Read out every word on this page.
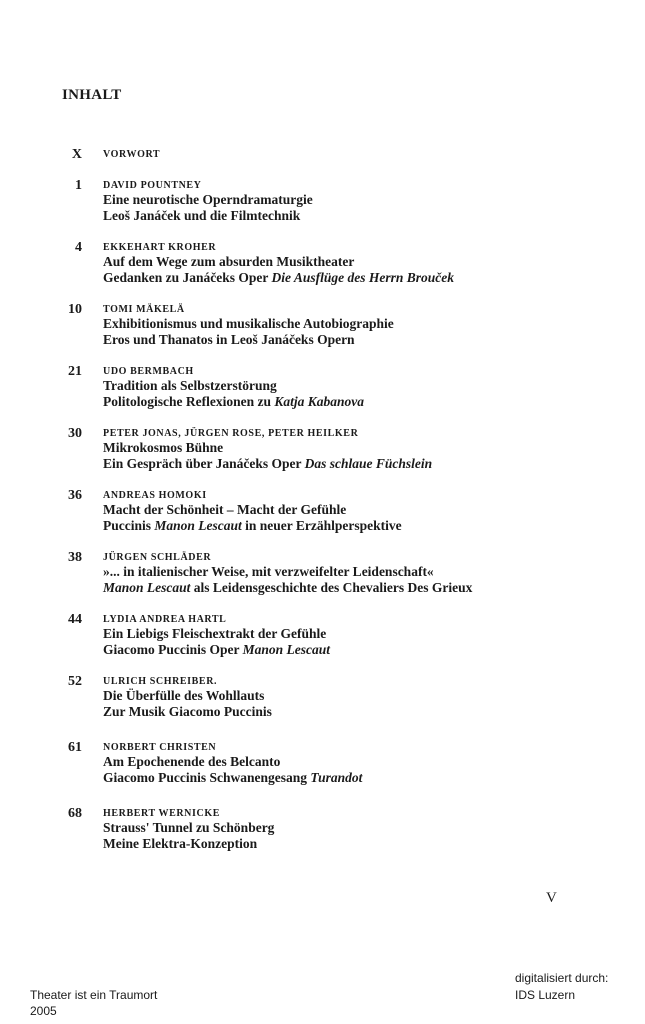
INHALT
X VORWORT
1 DAVID POUNTNEY
Eine neurotische Operndramaturgie
Leoš Janáček und die Filmtechnik
4 EKKEHART KROHER
Auf dem Wege zum absurden Musiktheater
Gedanken zu Janáčeks Oper Die Ausflüge des Herrn Brouček
10 TOMI MÄKELÄ
Exhibitionismus und musikalische Autobiographie
Eros und Thanatos in Leoš Janáčeks Opern
21 UDO BERMBACH
Tradition als Selbstzerstörung
Politologische Reflexionen zu Katja Kabanova
30 PETER JONAS, JÜRGEN ROSE, PETER HEILKER
Mikrokosmos Bühne
Ein Gespräch über Janáčeks Oper Das schlaue Füchslein
36 ANDREAS HOMOKI
Macht der Schönheit – Macht der Gefühle
Puccinis Manon Lescaut in neuer Erzählperspektive
38 JÜRGEN SCHLÄDER
»... in italienischer Weise, mit verzweifelter Leidenschaft«
Manon Lescaut als Leidensgeschichte des Chevaliers Des Grieux
44 LYDIA ANDREA HARTL
Ein Liebigs Fleischextrakt der Gefühle
Giacomo Puccinis Oper Manon Lescaut
52 ULRICH SCHREIBER.
Die Überfülle des Wohllauts
Zur Musik Giacomo Puccinis
61 NORBERT CHRISTEN
Am Epochenende des Belcanto
Giacomo Puccinis Schwanengesang Turandot
68 HERBERT WERNICKE
Strauss' Tunnel zu Schönberg
Meine Elektra-Konzeption
V
Theater ist ein Traumort
2005
digitalisiert durch:
IDS Luzern
